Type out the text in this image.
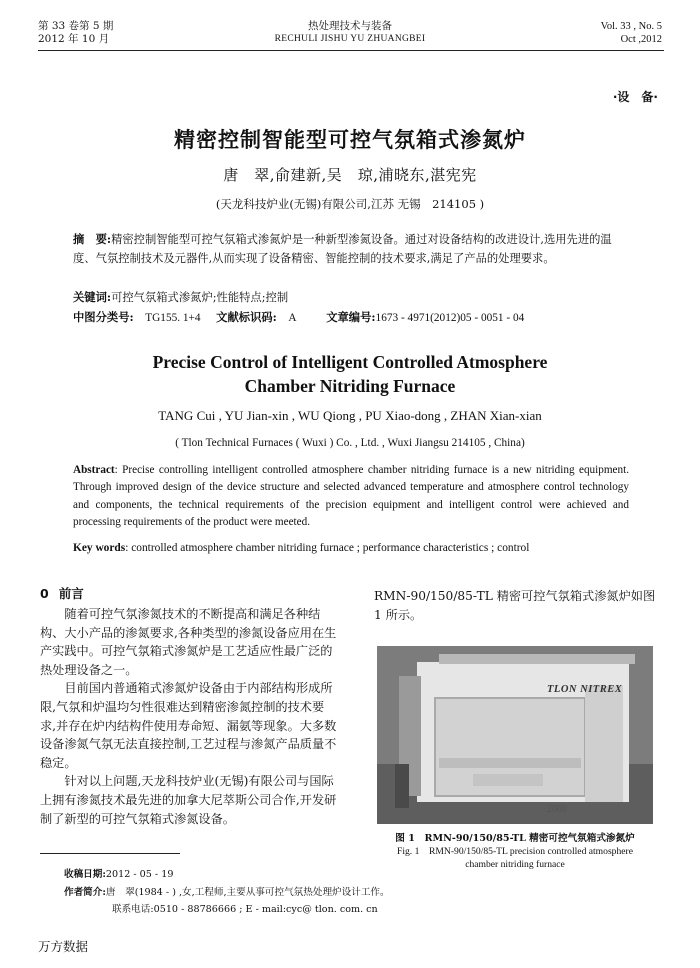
第 33 卷第 5 期
2012 年 10 月
热处理技术与装备
RECHULI JISHU YU ZHUANGBEI
Vol. 33 , No. 5
Oct ,2012
·设　备·
精密控制智能型可控气氛箱式渗氮炉
唐　翠,俞建新,吴　琼,浦晓东,湛宪宪
(天龙科技炉业(无锡)有限公司,江苏 无锡　214105 )
摘　要:精密控制智能型可控气氛箱式渗氮炉是一种新型渗氮设备。通过对设备结构的改进设计,选用先进的温度、气氛控制技术及元器件,从而实现了设备精密、智能控制的技术要求,满足了产品的处理要求。
关键词:可控气氛箱式渗氮炉;性能特点;控制
中图分类号: TG155. 1+4 文献标识码: A	文章编号:1673 - 4971(2012)05 - 0051 - 04
Precise Control of Intelligent Controlled Atmosphere
Chamber Nitriding Furnace
TANG Cui , YU Jian-xin , WU Qiong , PU Xiao-dong , ZHAN Xian-xian
( Tlon Technical Furnaces ( Wuxi ) Co. , Ltd. , Wuxi Jiangsu 214105 , China)
Abstract: Precise controlling intelligent controlled atmosphere chamber nitriding furnace is a new nitriding equipment. Through improved design of the device structure and selected advanced temperature and atmosphere control technology and components, the technical requirements of the precision equipment and intelligent control were achieved and processing requirements of the product were meeted.
Key words: controlled atmosphere chamber nitriding furnace ; performance characteristics ; control
0 前言

随着可控气氛渗氮技术的不断提高和满足各种结构、大小产品的渗氮要求,各种类型的渗氮设备应用在生产实践中。可控气氛箱式渗氮炉是工艺适应性最广泛的热处理设备之一。

目前国内普通箱式渗氮炉设备由于内部结构形成所限,气氛和炉温均匀性很难达到精密渗氮控制的技术要求,并存在炉内结构件使用寿命短、漏氨等现象。大多数设备渗氮气氛无法直接控制,工艺过程与渗氮产品质量不稳定。

针对以上问题,天龙科技炉业(无锡)有限公司与国际上拥有渗氮技术最先进的加拿大尼萃斯公司合作,开发研制了新型的可控气氛箱式渗氮设备。

RMN-90/150/85-TL 精密可控气氛箱式渗氮炉如图 1 所示。
TLON NITREX
2008
图 1　RMN-90/150/85-TL 精密可控气氛箱式渗氮炉
Fig. 1　RMN-90/150/85-TL precision controlled atmosphere
chamber nitriding furnace
收稿日期:2012 - 05 - 19
作者简介:唐　翠(1984 - ) ,女,工程师,主要从事可控气氛热处理炉设计工作。
联系电话:0510 - 88786666 ; E - mail:cyc@ tlon. com. cn
万方数据
